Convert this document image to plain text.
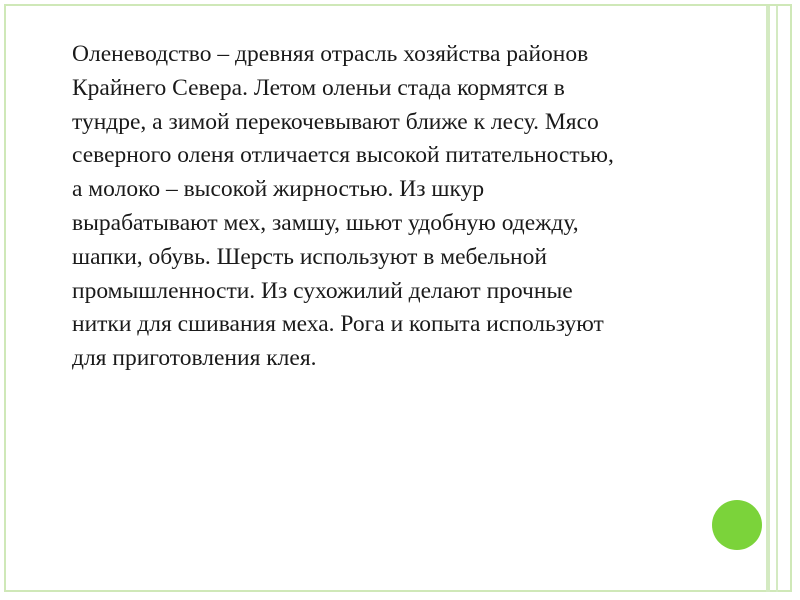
Оленеводство – древняя отрасль хозяйства районов
Крайнего Севера. Летом оленьи стада кормятся в
тундре, а зимой перекочевывают ближе к лесу. Мясо
северного оленя отличается высокой питательностью,
а молоко – высокой жирностью. Из шкур
вырабатывают мех, замшу, шьют удобную одежду,
шапки, обувь. Шерсть используют в мебельной
промышленности. Из сухожилий делают прочные
нитки для сшивания меха. Рога и копыта используют
для приготовления клея.
